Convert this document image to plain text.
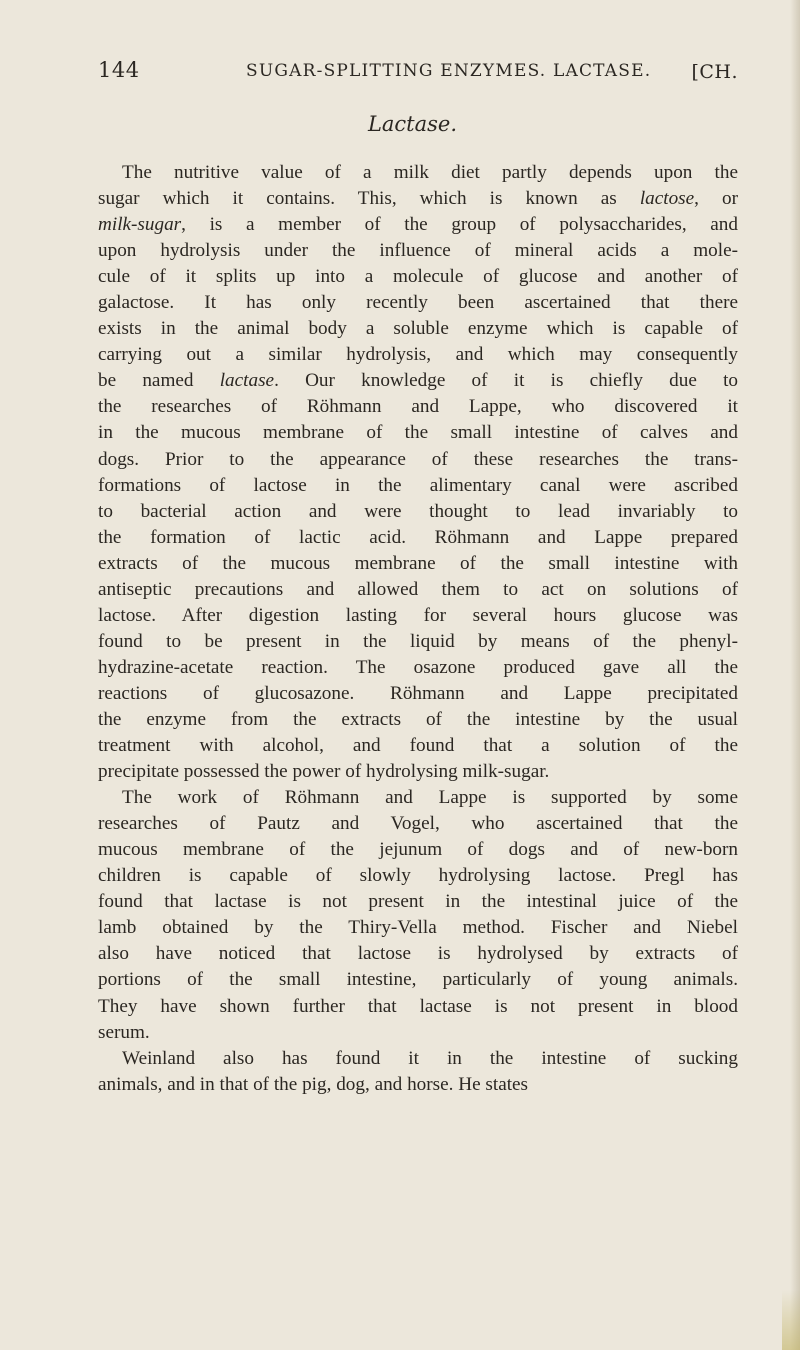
144	SUGAR-SPLITTING ENZYMES. LACTASE. [CH.
Lactase.
The nutritive value of a milk diet partly depends upon the
sugar which it contains. This, which is known as lactose, or
milk-sugar, is a member of the group of polysaccharides, and
upon hydrolysis under the influence of mineral acids a mole-
cule of it splits up into a molecule of glucose and another of
galactose. It has only recently been ascertained that there
exists in the animal body a soluble enzyme which is capable of
carrying out a similar hydrolysis, and which may consequently
be named lactase. Our knowledge of it is chiefly due to
the researches of Röhmann and Lappe, who discovered it
in the mucous membrane of the small intestine of calves and
dogs. Prior to the appearance of these researches the trans-
formations of lactose in the alimentary canal were ascribed
to bacterial action and were thought to lead invariably to
the formation of lactic acid. Röhmann and Lappe prepared
extracts of the mucous membrane of the small intestine with
antiseptic precautions and allowed them to act on solutions of
lactose. After digestion lasting for several hours glucose was
found to be present in the liquid by means of the phenyl-
hydrazine-acetate reaction. The osazone produced gave all the
reactions of glucosazone. Röhmann and Lappe precipitated
the enzyme from the extracts of the intestine by the usual
treatment with alcohol, and found that a solution of the
precipitate possessed the power of hydrolysing milk-sugar.
The work of Röhmann and Lappe is supported by some
researches of Pautz and Vogel, who ascertained that the
mucous membrane of the jejunum of dogs and of new-born
children is capable of slowly hydrolysing lactose. Pregl has
found that lactase is not present in the intestinal juice of the
lamb obtained by the Thiry-Vella method. Fischer and Niebel
also have noticed that lactose is hydrolysed by extracts of
portions of the small intestine, particularly of young animals.
They have shown further that lactase is not present in blood
serum.
Weinland also has found it in the intestine of sucking
animals, and in that of the pig, dog, and horse. He states
